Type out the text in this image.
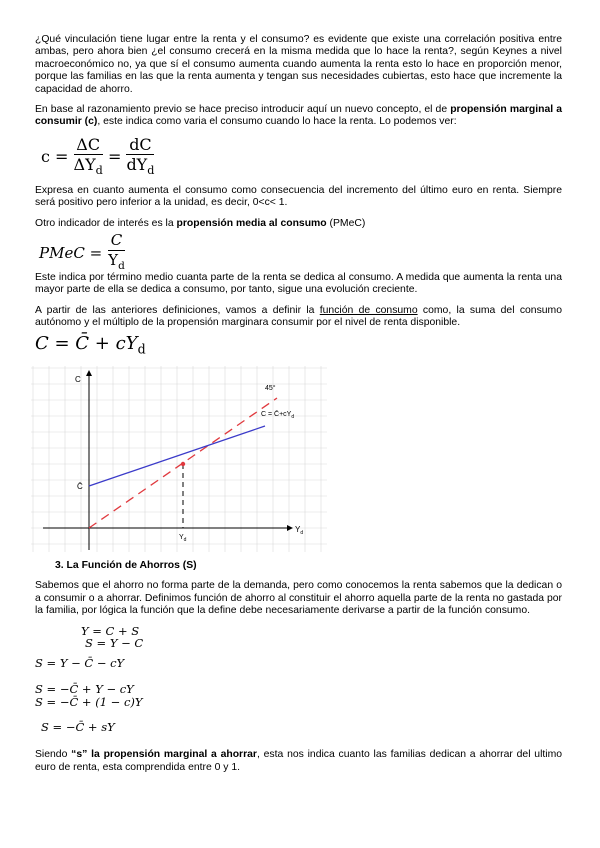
¿Qué vinculación tiene lugar entre la renta y el consumo? es evidente que existe una correlación positiva entre ambas, pero ahora bien ¿el consumo crecerá en la misma medida que lo hace la renta?, según Keynes a nivel macroeconómico no, ya que sí el consumo aumenta cuando aumenta la renta esto lo hace en proporción menor, porque las familias en las que la renta aumenta y tengan sus necesidades cubiertas, esto hace que incremente la capacidad de ahorro.

En base al razonamiento previo se hace preciso introducir aquí un nuevo concepto, el de propensión marginal a consumir (c), este indica como varia el consumo cuando lo hace la renta. Lo podemos ver:

$c = \frac{\Delta C}{\Delta Y_d} = \frac{dC}{dY_d}$

Expresa en cuanto aumenta el consumo como consecuencia del incremento del último euro en renta. Siempre será positivo pero inferior a la unidad, es decir, 0<c< 1.

Otro indicador de interés es la propensión media al consumo (PMeC)

PMeC = $\frac{C}{Y_d}$

Este indica por término medio cuanta parte de la renta se dedica al consumo. A medida que aumenta la renta una mayor parte de ella se dedica a consumo, por tanto, sigue una evolución creciente.

A partir de las anteriores definiciones, vamos a definir la función de consumo como, la suma del consumo autónomo y el múltiplo de la propensión marginara consumir por el nivel de renta disponible.

C = C̄ + $cY_d$
C
$Y_d$
C̄
$Y_d$
45°
$C = C̄+cY_d$
3. La Función de Ahorros (S)

Sabemos que el ahorro no forma parte de la demanda, pero como conocemos la renta sabemos que la dedican o a consumir o a ahorrar. Definimos función de ahorro al constituir el ahorro aquella parte de la renta no gastada por la familia, por lógica la función que la define debe necesariamente derivarse a partir de la función consumo.

Y = C + S
S = Y − C
S = Y − C̄ − cY
S = −C̄ + Y − cY
S = −C̄ + (1 − c)Y
S = −C̄ + sY

Siendo “s” la propensión marginal a ahorrar, esta nos indica cuanto las familias dedican a ahorrar del ultimo euro de renta, esta comprendida entre 0 y 1.
